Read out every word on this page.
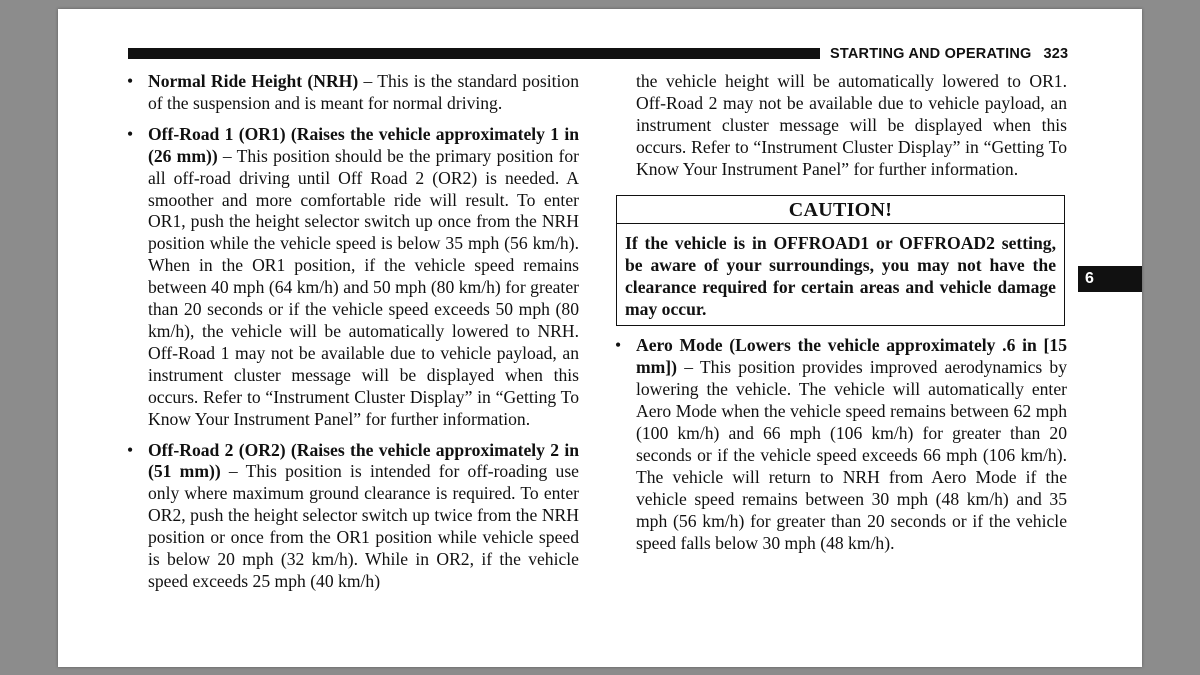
STARTING AND OPERATING 323

• Normal Ride Height (NRH) – This is the standard position of the suspension and is meant for normal driving.

• Off-Road 1 (OR1) (Raises the vehicle approximately 1 in (26 mm)) – This position should be the primary position for all off-road driving until Off Road 2 (OR2) is needed. A smoother and more comfortable ride will result. To enter OR1, push the height selector switch up once from the NRH position while the vehicle speed is below 35 mph (56 km/h). When in the OR1 position, if the vehicle speed remains between 40 mph (64 km/h) and 50 mph (80 km/h) for greater than 20 seconds or if the vehicle speed exceeds 50 mph (80 km/h), the vehicle will be automatically lowered to NRH. Off-Road 1 may not be available due to vehicle payload, an instrument cluster message will be displayed when this occurs. Refer to “Instrument Cluster Display” in “Getting To Know Your Instrument Panel” for further information.

• Off-Road 2 (OR2) (Raises the vehicle approximately 2 in (51 mm)) – This position is intended for off-roading use only where maximum ground clearance is required. To enter OR2, push the height selector switch up twice from the NRH position or once from the OR1 position while vehicle speed is below 20 mph (32 km/h). While in OR2, if the vehicle speed exceeds 25 mph (40 km/h)

the vehicle height will be automatically lowered to OR1. Off-Road 2 may not be available due to vehicle payload, an instrument cluster message will be displayed when this occurs. Refer to “Instrument Cluster Display” in “Getting To Know Your Instrument Panel” for further information.

CAUTION!
If the vehicle is in OFFROAD1 or OFFROAD2 setting, be aware of your surroundings, you may not have the clearance required for certain areas and vehicle damage may occur.

• Aero Mode (Lowers the vehicle approximately .6 in [15 mm]) – This position provides improved aerodynamics by lowering the vehicle. The vehicle will automatically enter Aero Mode when the vehicle speed remains between 62 mph (100 km/h) and 66 mph (106 km/h) for greater than 20 seconds or if the vehicle speed exceeds 66 mph (106 km/h). The vehicle will return to NRH from Aero Mode if the vehicle speed remains between 30 mph (48 km/h) and 35 mph (56 km/h) for greater than 20 seconds or if the vehicle speed falls below 30 mph (48 km/h).

6
